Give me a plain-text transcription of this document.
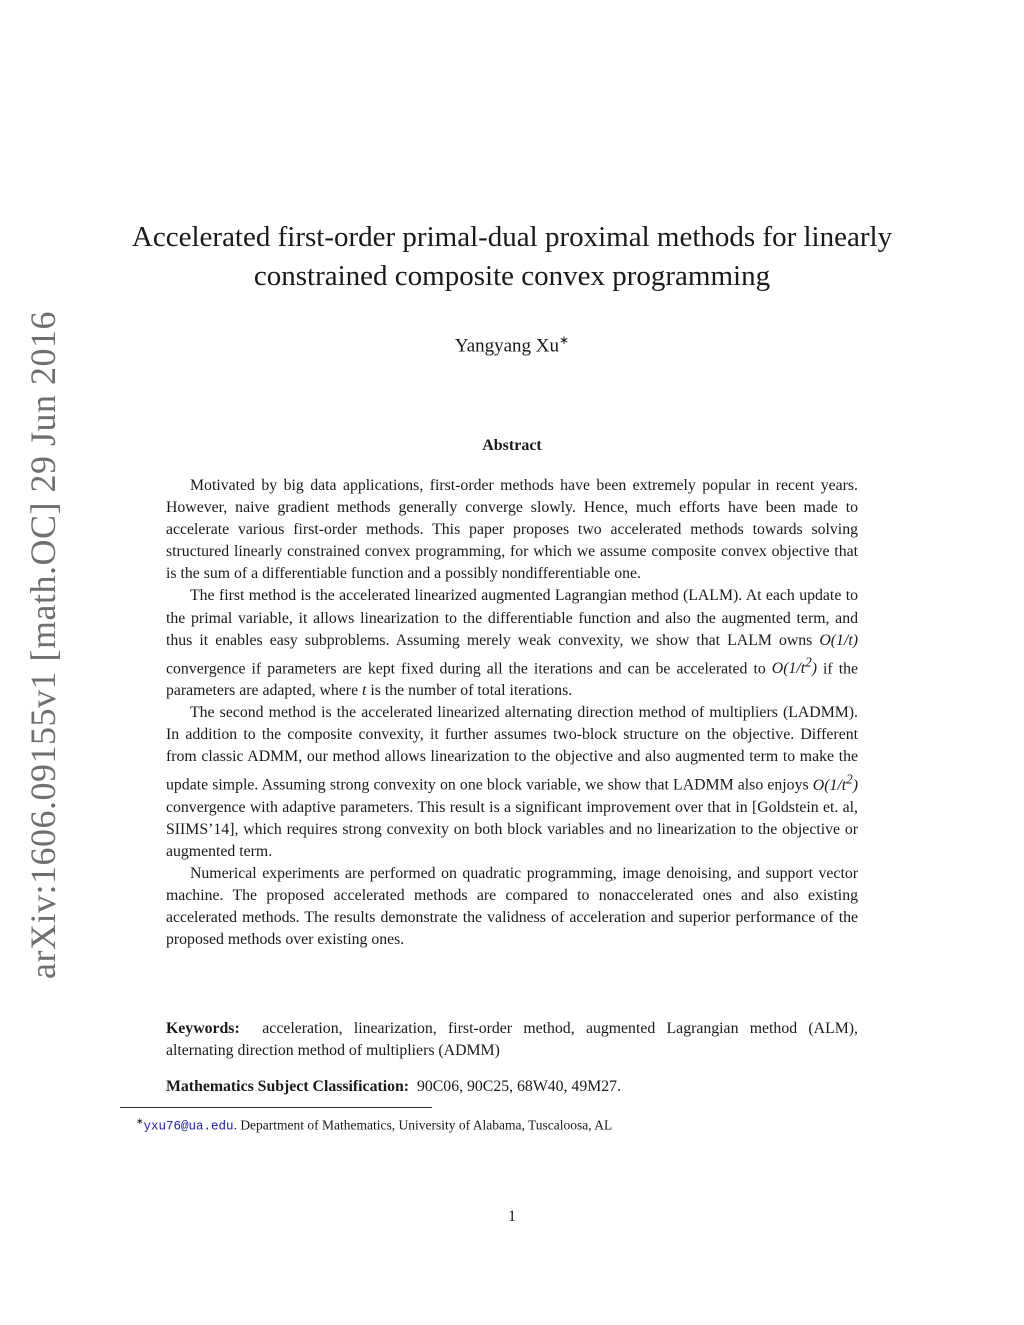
arXiv:1606.09155v1 [math.OC] 29 Jun 2016
Accelerated first-order primal-dual proximal methods for linearly
constrained composite convex programming
Yangyang Xu∗
Abstract

Motivated by big data applications, first-order methods have been extremely popular in recent years. However, naive gradient methods generally converge slowly. Hence, much efforts have been made to accelerate various first-order methods. This paper proposes two accelerated methods towards solving structured linearly constrained convex programming, for which we assume composite convex objective that is the sum of a differentiable function and a possibly nondifferentiable one.

The first method is the accelerated linearized augmented Lagrangian method (LALM). At each update to the primal variable, it allows linearization to the differentiable function and also the augmented term, and thus it enables easy subproblems. Assuming merely weak convexity, we show that LALM owns O(1/t) convergence if parameters are kept fixed during all the iterations and can be accelerated to $O(1/t^2)$ if the parameters are adapted, where t is the number of total iterations.

The second method is the accelerated linearized alternating direction method of multipliers (LADMM). In addition to the composite convexity, it further assumes two-block structure on the objective. Different from classic ADMM, our method allows linearization to the objective and also augmented term to make the update simple. Assuming strong convexity on one block variable, we show that LADMM also enjoys $O(1/t^2)$ convergence with adaptive parameters. This result is a significant improvement over that in [Goldstein et. al, SIIMS’14], which requires strong convexity on both block variables and no linearization to the objective or augmented term.

Numerical experiments are performed on quadratic programming, image denoising, and support vector machine. The proposed accelerated methods are compared to nonaccelerated ones and also existing accelerated methods. The results demonstrate the validness of acceleration and superior performance of the proposed methods over existing ones.

Keywords: acceleration, linearization, first-order method, augmented Lagrangian method (ALM), alternating direction method of multipliers (ADMM)
Mathematics Subject Classification: 90C06, 90C25, 68W40, 49M27.
∗yxu76@ua.edu. Department of Mathematics, University of Alabama, Tuscaloosa, AL
1
